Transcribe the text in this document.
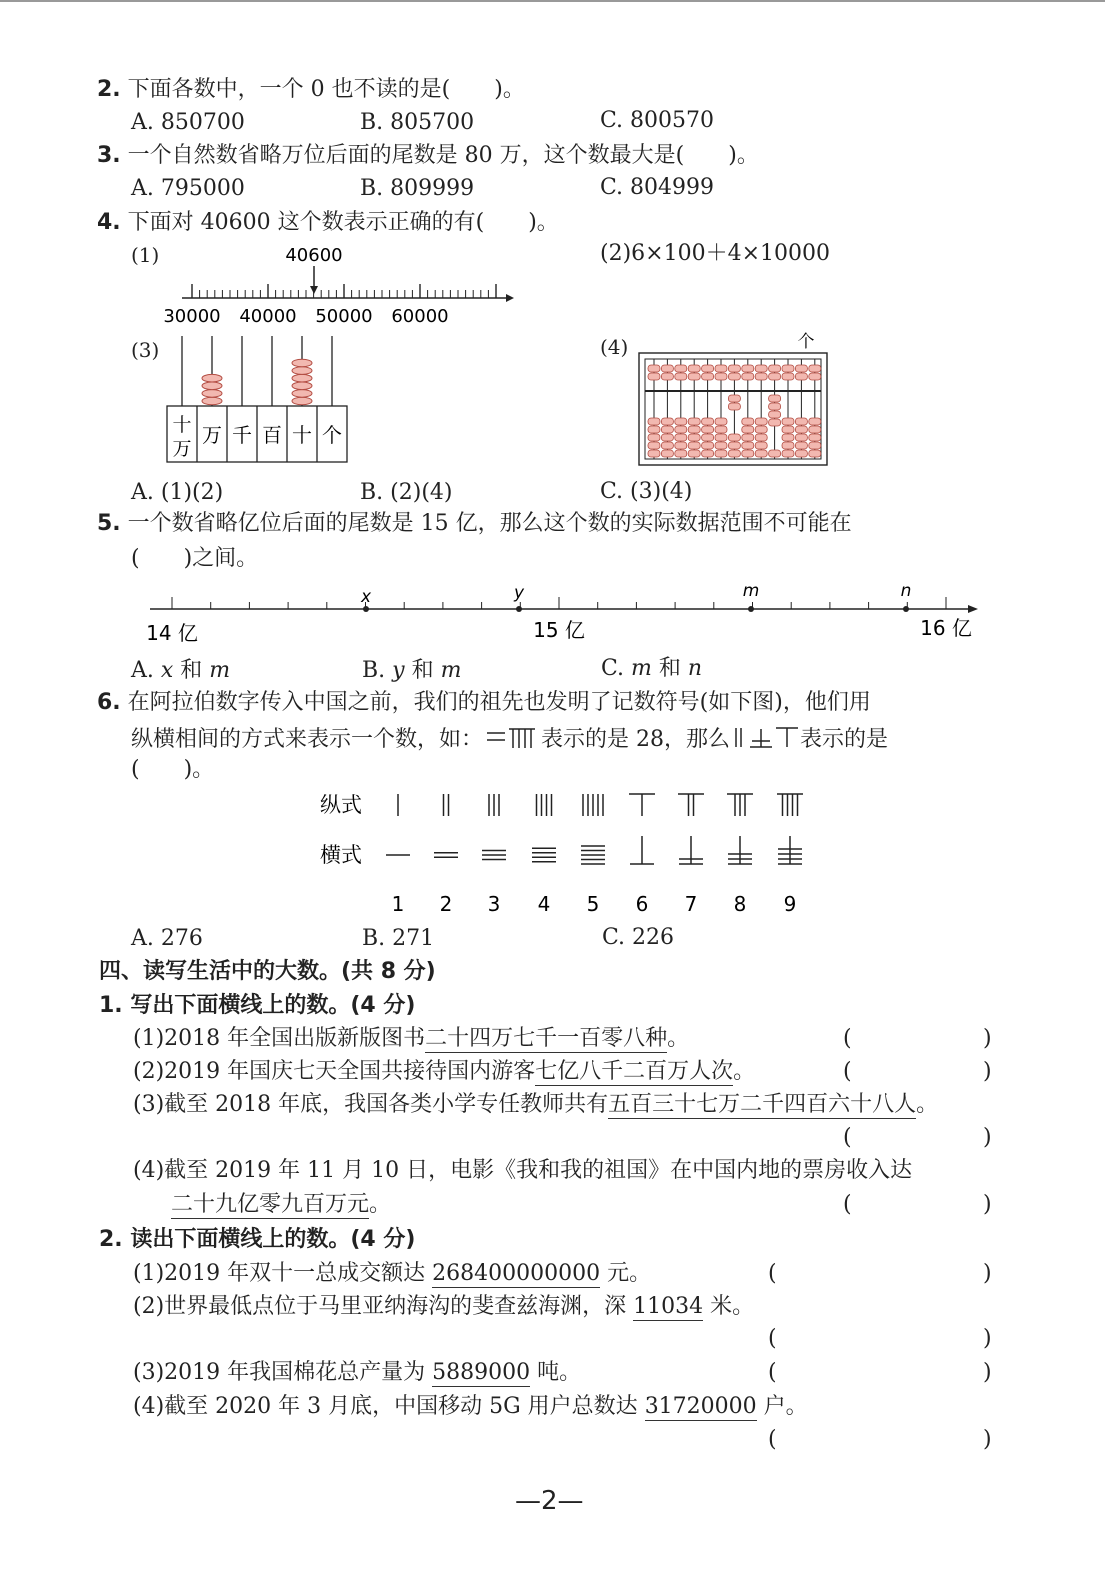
2. 下面各数中，一个 0 也不读的是(　　)。
A. 850700	B. 805700	C. 800570
3. 一个自然数省略万位后面的尾数是 80 万，这个数最大是(　　)。
A. 795000	B. 809999	C. 804999
4. 下面对 40600 这个数表示正确的有(　　)。
(1)	(2)6×100＋4×10000
40600
30000 40000 50000 60000
(3)	(4)
十
万
万 千 百 十 个
个
A. (1)(2)	B. (2)(4)	C. (3)(4)
5. 一个数省略亿位后面的尾数是 15 亿，那么这个数的实际数据范围不可能在
(　　)之间。
x	y	m	n
14 亿	15 亿	16 亿
A. x 和 m	B. y 和 m	C. m 和 n
6. 在阿拉伯数字传入中国之前，我们的祖先也发明了记数符号(如下图)，他们用
纵横相间的方式来表示一个数，如：	表示的是 28，那么	表示的是
(　　)。
纵式
横式
1 2 3 4 5 6 7 8 9
A. 276	B. 271	C. 226
四、读写生活中的大数。(共 8 分)
1. 写出下面横线上的数。(4 分)
(1)2018 年全国出版新版图书二十四万七千一百零八种。	(	)
(2)2019 年国庆七天全国共接待国内游客七亿八千二百万人次。	(	)
(3)截至 2018 年底，我国各类小学专任教师共有五百三十七万二千四百六十八人。
(	)
(4)截至 2019 年 11 月 10 日，电影《我和我的祖国》在中国内地的票房收入达
二十九亿零九百万元。	(	)
2. 读出下面横线上的数。(4 分)
(1)2019 年双十一总成交额达 268400000000 元。	(	)
(2)世界最低点位于马里亚纳海沟的斐查兹海渊，深 11034 米。
(	)
(3)2019 年我国棉花总产量为 5889000 吨。	(	)
(4)截至 2020 年 3 月底，中国移动 5G 用户总数达 31720000 户。
(	)
—2—
